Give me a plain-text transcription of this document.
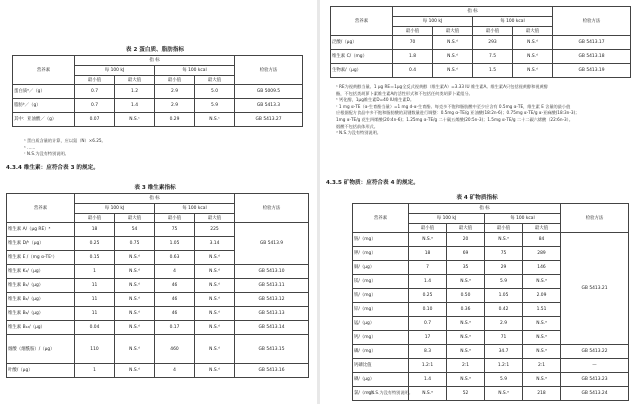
表 2 蛋白质、脂肪指标
营养素	指 标				检验方法
	每 100 kJ		每 100 kcal		
	最小值	最大值	最小值	最大值	
蛋白质ᵃ／（g）	0.7	1.2	2.9	5.0	GB 5009.5
脂肪ᵇ／（g）	0.7	1.4	2.9	5.9	GB 5413.3
其中：亚油酸／（g）	0.07	N.S.ᶜ	0.29	N.S.ᶜ	GB 5413.27
ᵃ 蛋白质含量的计算，应以氮（N）×6.25。
ᵇ ……
ᶜ N.S.为没有特别说明。
4.3.4 维生素：应符合表 3 的规定。
表 3 维生素指标
营养素	指 标				检验方法
	每 100 kJ		每 100 kcal		
	最小值	最大值	最小值	最大值	
维生素 A/（μg RE）ᵃ	18	54	75	225	GB 5413.9
维生素 D/ᵇ（μg）	0.25	0.75	1.05	3.14	
维生素 E /（mg α-TEᶜ）	0.15	N.S.ᵈ	0.63	N.S.ᵈ	
维生素 K₁/（μg）	1	N.S.ᵈ	4	N.S.ᵈ	GB 5413.10
维生素 B₁/（μg）	11	N.S.ᵈ	46	N.S.ᵈ	GB 5413.11
维生素 B₂/（μg）	11	N.S.ᵈ	46	N.S.ᵈ	GB 5413.12
维生素 B₆/（μg）	11	N.S.ᵈ	46	N.S.ᵈ	GB 5413.13
维生素 B₁₂/（μg）	0.04	N.S.ᵈ	0.17	N.S.ᵈ	GB 5413.14
烟酸（烟酰胺）/（μg）	110	N.S.ᵈ	460	N.S.ᵈ	GB 5413.15
叶酸/（μg）	1	N.S.ᵈ	4	N.S.ᵈ	GB 5413.16
营养素	指 标				检验方法
	每 100 kJ		每 100 kcal		
	最小值	最大值	最小值	最大值	
泛酸/（μg）	70	N.S.ᵈ	293	N.S.ᵈ	GB 5413.17
维生素 C/（mg）	1.8	N.S.ᵈ	7.5	N.S.ᵈ	GB 5413.18
生物素/（μg）	0.4	N.S.ᵈ	1.5	N.S.ᵈ	GB 5413.19
ᵃ RE为视黄醇当量。1 μg RE＝1μg全反式视黄醇（维生素A）=3.33 IU 维生素A。维生素A只包括视黄醇和视黄醇
酯，不包括类胡萝卜素维生素A的活性形式和不包括任何类胡萝卜素组分。
ᵇ 钙化醇，1μg维生素D=40 IU维生素D。
ᶜ 1 mg α-TE（α-生育酚当量）=1 mg d-α-生育酚。每克多不饱和脂肪酸中至少应含有 0.5mg α-TE，维生素 E 含量的最小值
应根据配方食品中多不饱和脂肪酸的双键数量进行调整：0.5mg α-TE/g 亚油酸(18:2n-6)；0.75mg α-TE/g α-亚麻酸(18:3n-3)；
1mg α-TE/g 花生四烯酸(20:4n-6)；1.25mg α-TE/g 二十碳五烯酸(20:5n-3)；1.5mg α-TE/g 二十二碳六烯酸（22:6n-3）。
烟酸不包括前体形式。
ᵈ N.S.为没有特别说明。
4.3.5 矿物质：应符合表 4 的规定。
表 4 矿物质指标
营养素	指 标				检验方法
	每 100 kJ		每 100 kcal		
	最小值	最大值	最小值	最大值	
钠/（mg）	N.S.ᵃ	20	N.S.ᵃ	84	GB 5413.21
钾/（mg）	18	69	75	289	
铜/（μg）	7	35	29	146	
镁/（mg）	1.4	N.S.ᵃ	5.9	N.S.ᵃ	
铁/（mg）	0.25	0.50	1.05	2.09	
锌/（mg）	0.10	0.36	0.42	1.51	
锰/（μg）	0.7	N.S.ᵃ	2.9	N.S.ᵃ	
钙/（mg）	17	N.S.ᵃ	71	N.S.ᵃ	
磷/（mg）	8.3	N.S.ᵃ	34.7	N.S.ᵃ	GB 5413.22
钙磷比值	1.2:1	2:1	1.2:1	2:1	—
碘/（μg）	1.4	N.S.ᵃ	5.9	N.S.ᵃ	GB 5413.23
氯/（mg）	N.S.ᵃ	52	N.S.ᵃ	218	GB 5413.24
ᵃ N.S.为没有特别说明。
